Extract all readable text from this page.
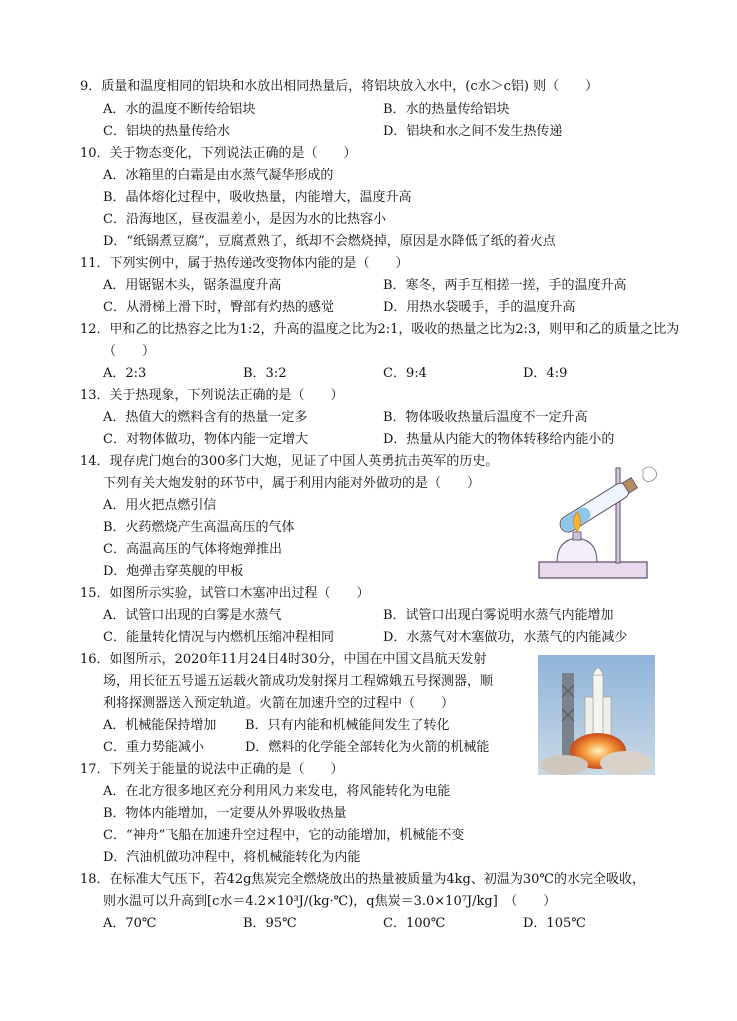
9．质量和温度相同的铝块和水放出相同热量后，将铝块放入水中，(c水＞c铝) 则（　　）
A．水的温度不断传给铝块	B．水的热量传给铝块
C．铝块的热量传给水	D．铝块和水之间不发生热传递
10．关于物态变化，下列说法正确的是（　　）
A．冰箱里的白霜是由水蒸气凝华形成的
B．晶体熔化过程中，吸收热量，内能增大，温度升高
C．沿海地区，昼夜温差小，是因为水的比热容小
D．“纸锅煮豆腐”，豆腐煮熟了，纸却不会燃烧掉，原因是水降低了纸的着火点
11．下列实例中，属于热传递改变物体内能的是（　　）
A．用锯锯木头，锯条温度升高	B．寒冬，两手互相搓一搓，手的温度升高
C．从滑梯上滑下时，臀部有灼热的感觉	D．用热水袋暖手，手的温度升高
12．甲和乙的比热容之比为1:2，升高的温度之比为2:1，吸收的热量之比为2:3，则甲和乙的质量之比为
（　　）
A．2:3	B．3:2	C．9:4	D．4:9
13．关于热现象，下列说法正确的是（　　）
A．热值大的燃料含有的热量一定多	B．物体吸收热量后温度不一定升高
C．对物体做功，物体内能一定增大	D．热量从内能大的物体转移给内能小的
14．现存虎门炮台的300多门大炮，见证了中国人英勇抗击英军的历史。
下列有关大炮发射的环节中，属于利用内能对外做功的是（　　）
A．用火把点燃引信
B．火药燃烧产生高温高压的气体
C．高温高压的气体将炮弹推出
D．炮弹击穿英舰的甲板
15．如图所示实验，试管口木塞冲出过程（　　）
A．试管口出现的白雾是水蒸气	B．试管口出现白雾说明水蒸气内能增加
C．能量转化情况与内燃机压缩冲程相同	D．水蒸气对木塞做功，水蒸气的内能减少
16．如图所示，2020年11月24日4时30分，中国在中国文昌航天发射
场，用长征五号遥五运载火箭成功发射探月工程嫦娥五号探测器，顺
利将探测器送入预定轨道。火箭在加速升空的过程中（　　）
A．机械能保持增加 B．只有内能和机械能间发生了转化
C．重力势能减小	D．燃料的化学能全部转化为火箭的机械能
17．下列关于能量的说法中正确的是（　　）
A．在北方很多地区充分利用风力来发电，将风能转化为电能
B．物体内能增加，一定要从外界吸收热量
C．“神舟”飞船在加速升空过程中，它的动能增加，机械能不变
D．汽油机做功冲程中，将机械能转化为内能
18．在标准大气压下，若42g焦炭完全燃烧放出的热量被质量为4kg、初温为30℃的水完全吸收，
则水温可以升高到[c水＝4.2×10³J/(kg·℃)，q焦炭＝3.0×10⁷J/kg]　（　　）
A．70℃	B．95℃	C．100℃	D．105℃
